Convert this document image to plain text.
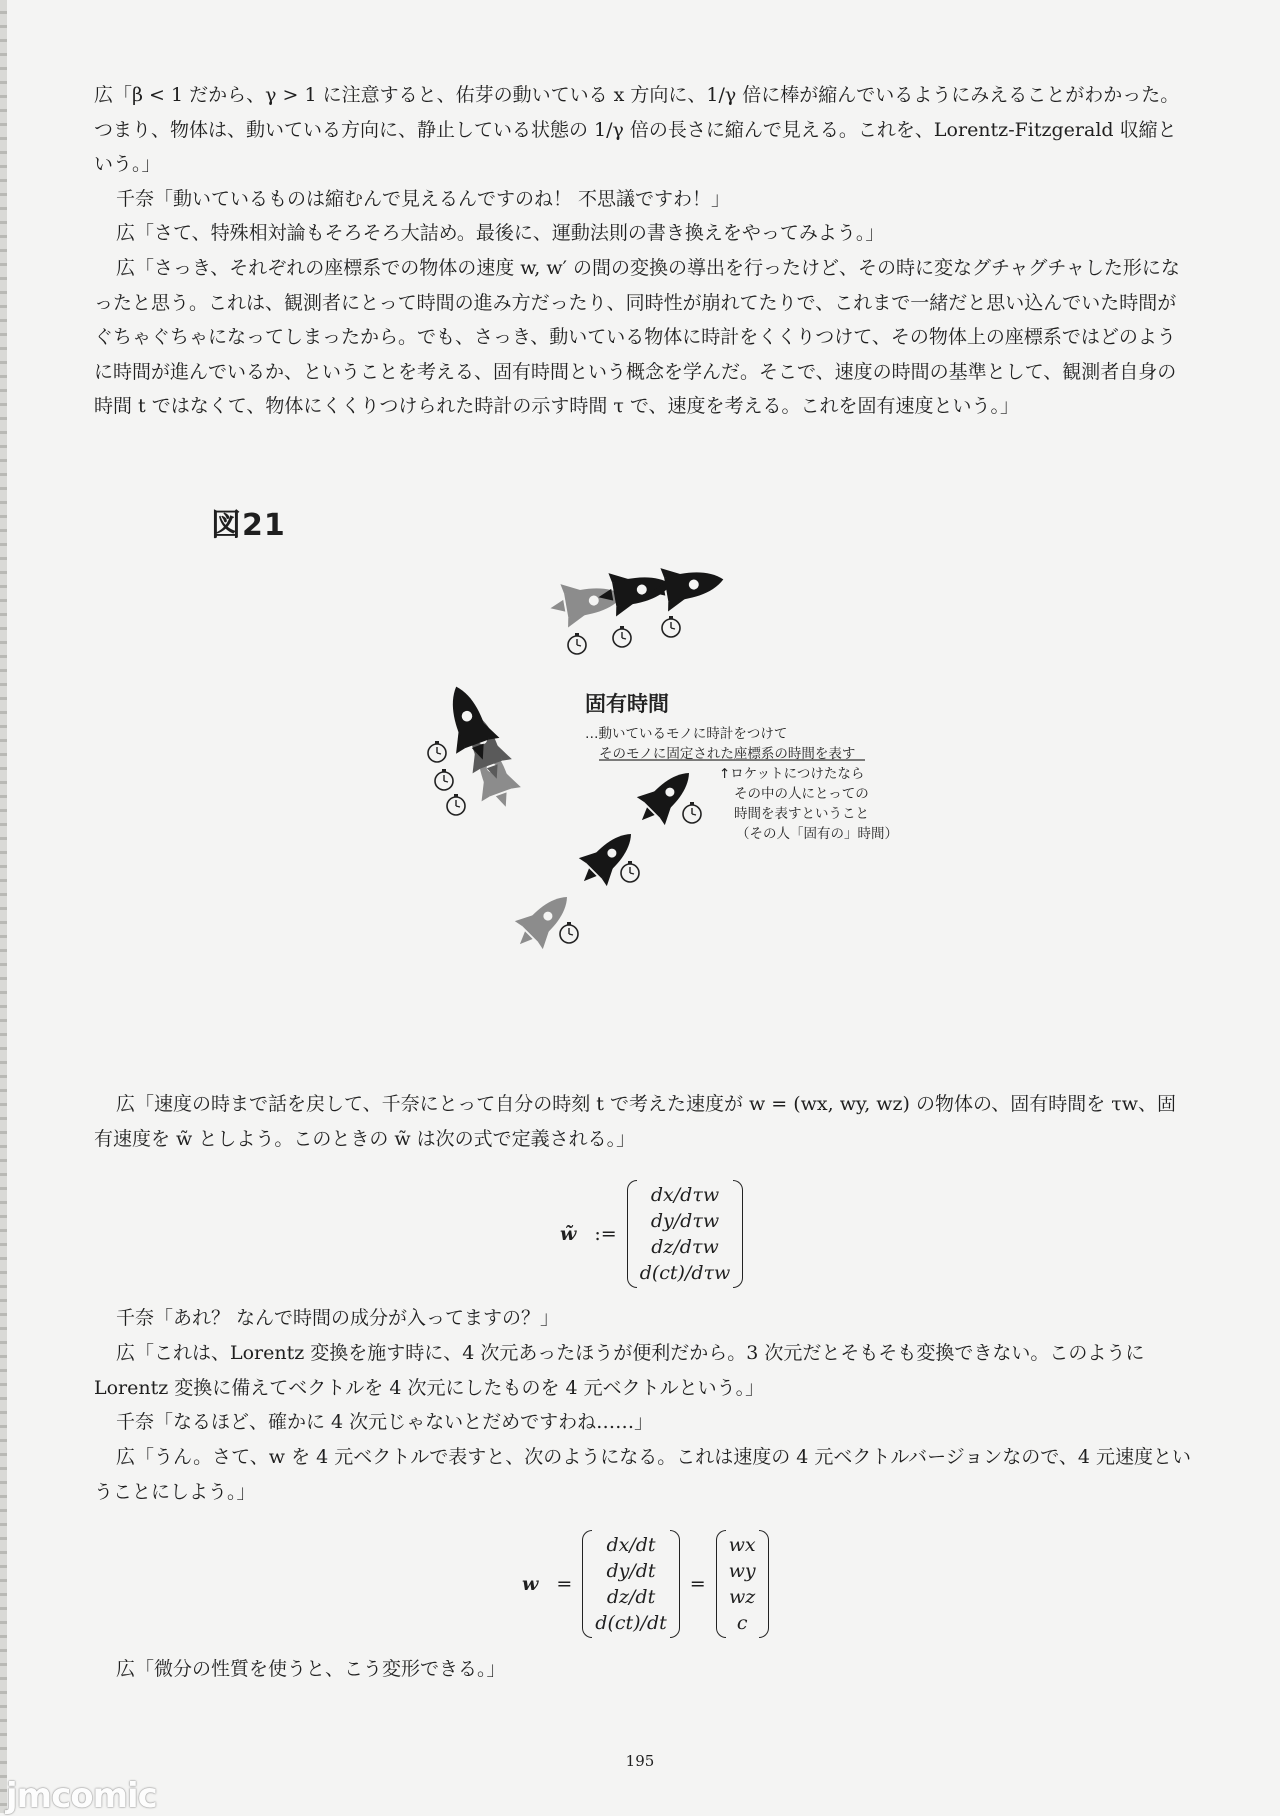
広「β < 1 だから、γ > 1 に注意すると、佑芽の動いている x 方向に、1/γ 倍に棒が縮んでいるようにみえることがわかった。つまり、物体は、動いている方向に、静止している状態の 1/γ 倍の長さに縮んで見える。これを、Lorentz-Fitzgerald 収縮という。」

千奈「動いているものは縮むんで見えるんですのね！ 不思議ですわ！」

広「さて、特殊相対論もそろそろ大詰め。最後に、運動法則の書き換えをやってみよう。」

広「さっき、それぞれの座標系での物体の速度 w, w′ の間の変換の導出を行ったけど、その時に変なグチャグチャした形になったと思う。これは、観測者にとって時間の進み方だったり、同時性が崩れてたりで、これまで一緒だと思い込んでいた時間がぐちゃぐちゃになってしまったから。でも、さっき、動いている物体に時計をくくりつけて、その物体上の座標系ではどのように時間が進んでいるか、ということを考える、固有時間という概念を学んだ。そこで、速度の時間の基準として、観測者自身の時間 t ではなくて、物体にくくりつけられた時計の示す時間 τ で、速度を考える。これを固有速度という。」

図21

固有時間
…動いているモノに時計をつけて
そのモノに固定された座標系の時間を表す
↑ロケットにつけたなら
その中の人にとっての
時間を表すということ
（その人「固有の」時間）

広「速度の時まで話を戻して、千奈にとって自分の時刻 t で考えた速度が w = (wx, wy, wz) の物体の、固有時間を τw、固有速度を w̃ としよう。このときの w̃ は次の式で定義される。」

w̃ :=
dx/dτw
dy/dτw
dz/dτw
d(ct)/dτw

千奈「あれ？ なんで時間の成分が入ってますの？」

広「これは、Lorentz 変換を施す時に、4 次元あったほうが便利だから。3 次元だとそもそも変換できない。このように Lorentz 変換に備えてベクトルを 4 次元にしたものを 4 元ベクトルという。」

千奈「なるほど、確かに 4 次元じゃないとだめですわね……」

広「うん。さて、w を 4 元ベクトルで表すと、次のようになる。これは速度の 4 元ベクトルバージョンなので、4 元速度ということにしよう。」

w =
dx/dt
dy/dt
dz/dt
d(ct)/dt
=
wx
wy
wz
c

広「微分の性質を使うと、こう変形できる。」

195

jmcomic
